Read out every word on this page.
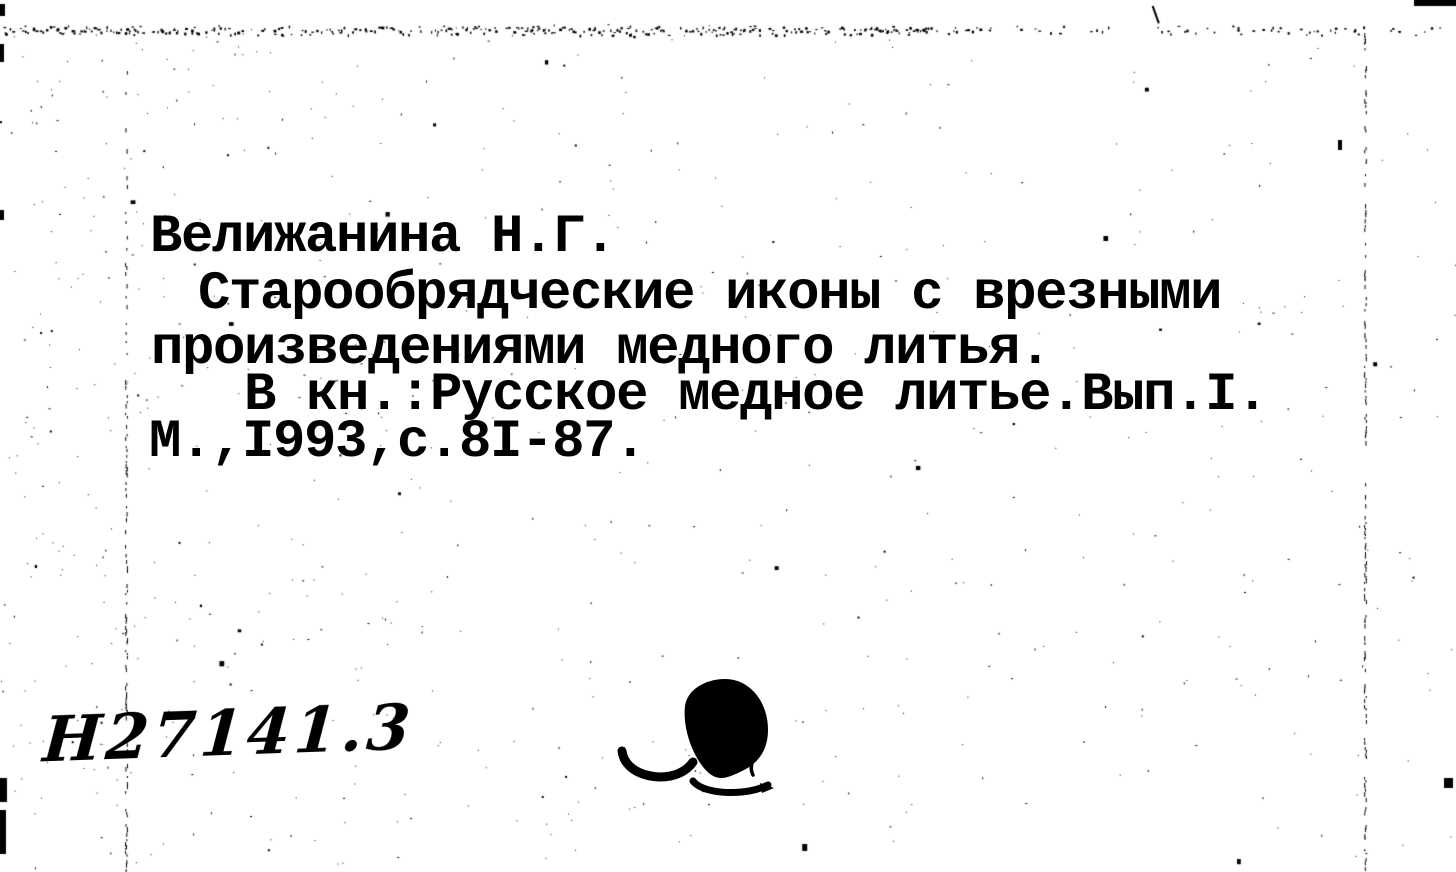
Велижанина Н.Г.
Старообрядческие иконы с врезными
произведениями медного литья.
В кн.:Русское медное литье.Вып.I.
М.,I993,с.8I-87.
Н27141.3
